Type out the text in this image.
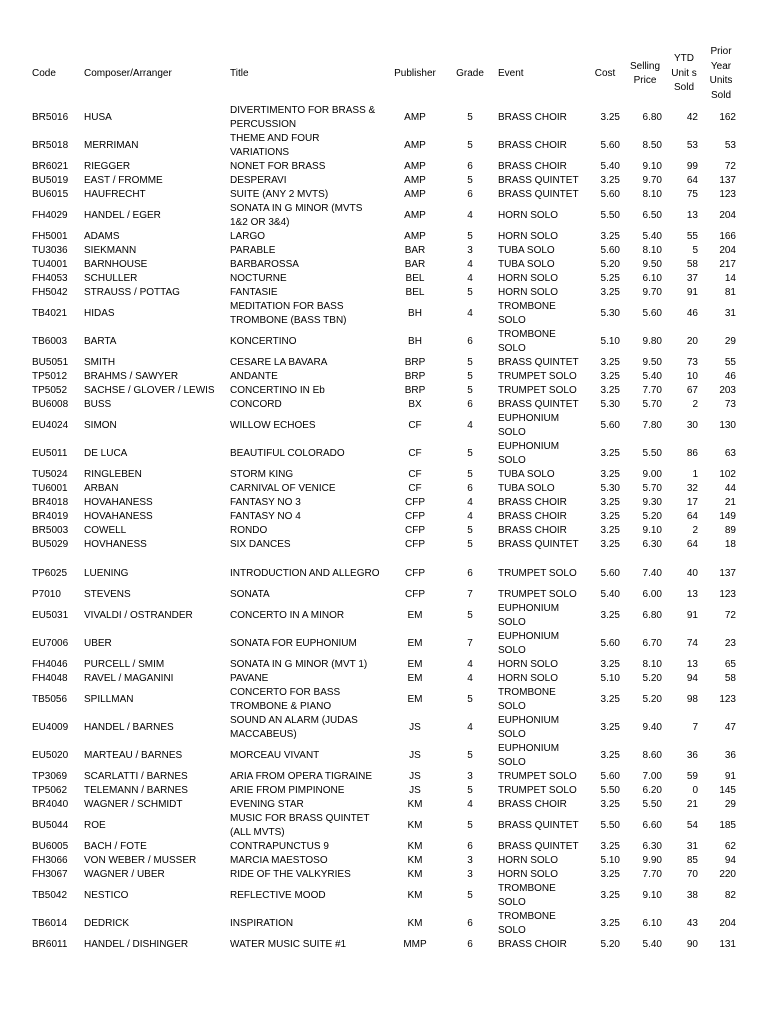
Code	Composer/Arranger	Title	Publisher	Grade	Event	Cost	Selling Price	YTD Unit s Sold	Prior Year Units Sold
BR5016	HUSA	DIVERTIMENTO FOR BRASS & PERCUSSION	AMP	5	BRASS CHOIR	3.25	6.80	42	162
BR5018	MERRIMAN	THEME AND FOUR VARIATIONS	AMP	5	BRASS CHOIR	5.60	8.50	53	53
BR6021	RIEGGER	NONET FOR BRASS	AMP	6	BRASS CHOIR	5.40	9.10	99	72
BU5019	EAST / FROMME	DESPERAVI	AMP	5	BRASS QUINTET	3.25	9.70	64	137
BU6015	HAUFRECHT	SUITE (ANY 2 MVTS)	AMP	6	BRASS QUINTET	5.60	8.10	75	123
FH4029	HANDEL / EGER	SONATA IN G MINOR (MVTS 1&2 OR 3&4)	AMP	4	HORN SOLO	5.50	6.50	13	204
FH5001	ADAMS	LARGO	AMP	5	HORN SOLO	3.25	5.40	55	166
TU3036	SIEKMANN	PARABLE	BAR	3	TUBA SOLO	5.60	8.10	5	204
TU4001	BARNHOUSE	BARBAROSSA	BAR	4	TUBA SOLO	5.20	9.50	58	217
FH4053	SCHULLER	NOCTURNE	BEL	4	HORN SOLO	5.25	6.10	37	14
FH5042	STRAUSS / POTTAG	FANTASIE	BEL	5	HORN SOLO	3.25	9.70	91	81
TB4021	HIDAS	MEDITATION FOR BASS TROMBONE (BASS TBN)	BH	4	TROMBONE SOLO	5.30	5.60	46	31
TB6003	BARTA	KONCERTINO	BH	6	TROMBONE SOLO	5.10	9.80	20	29
BU5051	SMITH	CESARE LA BAVARA	BRP	5	BRASS QUINTET	3.25	9.50	73	55
TP5012	BRAHMS / SAWYER	ANDANTE	BRP	5	TRUMPET SOLO	3.25	5.40	10	46
TP5052	SACHSE / GLOVER / LEWIS	CONCERTINO IN Eb	BRP	5	TRUMPET SOLO	3.25	7.70	67	203
BU6008	BUSS	CONCORD	BX	6	BRASS QUINTET	5.30	5.70	2	73
EU4024	SIMON	WILLOW ECHOES	CF	4	EUPHONIUM SOLO	5.60	7.80	30	130
EU5011	DE LUCA	BEAUTIFUL COLORADO	CF	5	EUPHONIUM SOLO	3.25	5.50	86	63
TU5024	RINGLEBEN	STORM KING	CF	5	TUBA SOLO	3.25	9.00	1	102
TU6001	ARBAN	CARNIVAL OF VENICE	CF	6	TUBA SOLO	5.30	5.70	32	44
BR4018	HOVAHANESS	FANTASY NO 3	CFP	4	BRASS CHOIR	3.25	9.30	17	21
BR4019	HOVAHANESS	FANTASY NO 4	CFP	4	BRASS CHOIR	3.25	5.20	64	149
BR5003	COWELL	RONDO	CFP	5	BRASS CHOIR	3.25	9.10	2	89
BU5029	HOVHANESS	SIX DANCES	CFP	5	BRASS QUINTET	3.25	6.30	64	18
TP6025	LUENING	INTRODUCTION AND ALLEGRO	CFP	6	TRUMPET SOLO	5.60	7.40	40	137
P7010	STEVENS	SONATA	CFP	7	TRUMPET SOLO	5.40	6.00	13	123
EU5031	VIVALDI / OSTRANDER	CONCERTO IN A MINOR	EM	5	EUPHONIUM SOLO	3.25	6.80	91	72
EU7006	UBER	SONATA FOR EUPHONIUM	EM	7	EUPHONIUM SOLO	5.60	6.70	74	23
FH4046	PURCELL / SMIM	SONATA IN G MINOR (MVT 1)	EM	4	HORN SOLO	3.25	8.10	13	65
FH4048	RAVEL / MAGANINI	PAVANE	EM	4	HORN SOLO	5.10	5.20	94	58
TB5056	SPILLMAN	CONCERTO FOR BASS TROMBONE & PIANO	EM	5	TROMBONE SOLO	3.25	5.20	98	123
EU4009	HANDEL / BARNES	SOUND AN ALARM (JUDAS MACCABEUS)	JS	4	EUPHONIUM SOLO	3.25	9.40	7	47
EU5020	MARTEAU / BARNES	MORCEAU VIVANT	JS	5	EUPHONIUM SOLO	3.25	8.60	36	36
TP3069	SCARLATTI / BARNES	ARIA FROM OPERA TIGRAINE	JS	3	TRUMPET SOLO	5.60	7.00	59	91
TP5062	TELEMANN / BARNES	ARIE FROM PIMPINONE	JS	5	TRUMPET SOLO	5.50	6.20	0	145
BR4040	WAGNER / SCHMIDT	EVENING STAR	KM	4	BRASS CHOIR	3.25	5.50	21	29
BU5044	ROE	MUSIC FOR BRASS QUINTET (ALL MVTS)	KM	5	BRASS QUINTET	5.50	6.60	54	185
BU6005	BACH / FOTE	CONTRAPUNCTUS 9	KM	6	BRASS QUINTET	3.25	6.30	31	62
FH3066	VON WEBER / MUSSER	MARCIA MAESTOSO	KM	3	HORN SOLO	5.10	9.90	85	94
FH3067	WAGNER / UBER	RIDE OF THE VALKYRIES	KM	3	HORN SOLO	3.25	7.70	70	220
TB5042	NESTICO	REFLECTIVE MOOD	KM	5	TROMBONE SOLO	3.25	9.10	38	82
TB6014	DEDRICK	INSPIRATION	KM	6	TROMBONE SOLO	3.25	6.10	43	204
BR6011	HANDEL / DISHINGER	WATER MUSIC SUITE #1	MMP	6	BRASS CHOIR	5.20	5.40	90	131
